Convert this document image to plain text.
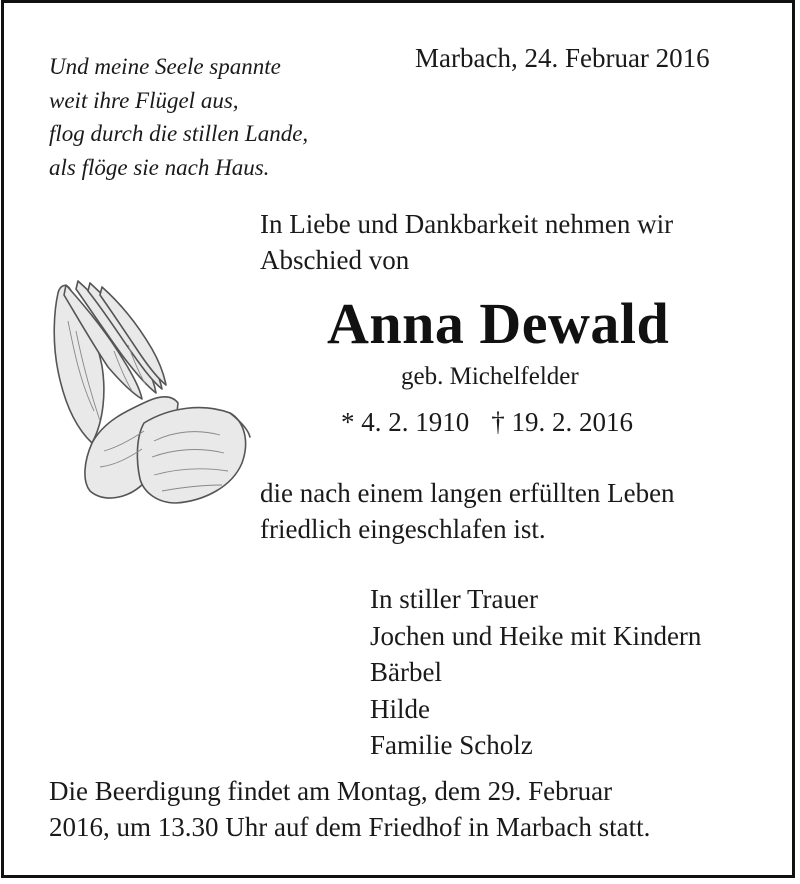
Und meine Seele spannte
weit ihre Flügel aus,
flog durch die stillen Lande,
als flöge sie nach Haus.
Marbach, 24. Februar 2016
In Liebe und Dankbarkeit nehmen wir
Abschied von
Anna Dewald
geb. Michelfelder
* 4. 2. 1910 † 19. 2. 2016
die nach einem langen erfüllten Leben
friedlich eingeschlafen ist.
In stiller Trauer
Jochen und Heike mit Kindern
Bärbel
Hilde
Familie Scholz
Die Beerdigung findet am Montag, dem 29. Februar
2016, um 13.30 Uhr auf dem Friedhof in Marbach statt.
